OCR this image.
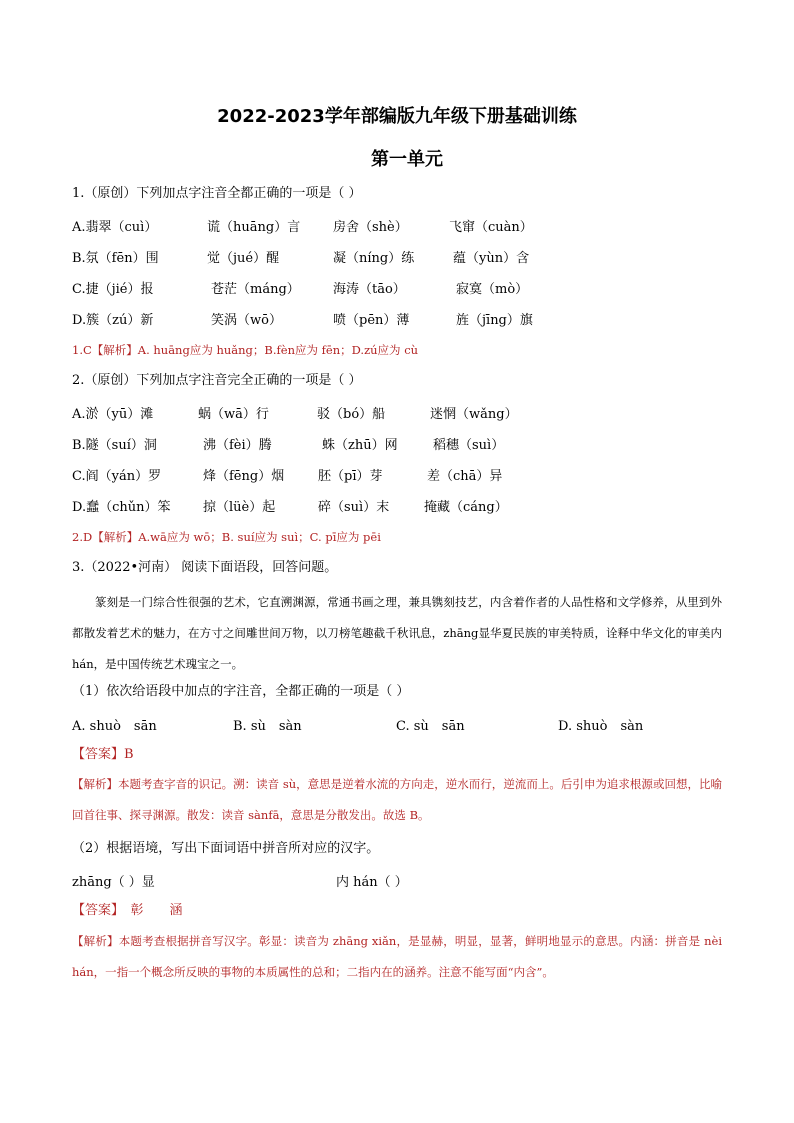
2022-2023学年部编版九年级下册基础训练
第一单元
1.（原创）下列加点字注音全都正确的一项是（ ）
A.翡翠（cuì）	谎（huāng）言	房舍（shè）	飞窜（cuàn）
B.氛（fēn）围	觉（jué）醒	凝（níng）练	蕴（yùn）含
C.捷（jié）报	苍茫（máng）	海涛（tāo）	寂寞（mò）
D.簇（zú）新	笑涡（wō）	喷（pēn）薄	旌（jīng）旗
1.C【解析】A. huāng应为 huǎng；B.fèn应为 fēn；D.zú应为 cù
2.（原创）下列加点字注音完全正确的一项是（ ）
A.淤（yū）滩	蜗（wā）行	驳（bó）船	迷惘（wǎng）
B.隧（suí）洞	沸（fèi）腾	蛛（zhū）网	稻穗（suì）
C.阎（yán）罗	烽（fēng）烟	胚（pī）芽	差（chā）异
D.蠢（chǔn）笨	掠（lüè）起	碎（suì）末	掩藏（cáng）
2.D【解析】A.wā应为 wō；B. suí应为 suì；C. pī应为 pēi
3.（2022•河南） 阅读下面语段，回答问题。
篆刻是一门综合性很强的艺术，它直溯渊源，常通书画之理，兼具镌刻技艺，内含着作者的人品性格和文学修养，从里到外都散发着艺术的魅力，在方寸之间雕世间万物，以刀榜笔趣截千秋讯息，zhāng显华夏民族的审美特质，诠释中华文化的审美内 hán，是中国传统艺术瑰宝之一。
（1）依次给语段中加点的字注音，全都正确的一项是（ ）
A. shuò　sān	B. sù　sàn	C. sù　sān	D. shuò　sàn
【答案】B
【解析】本题考查字音的识记。溯：读音 sù，意思是逆着水流的方向走，逆水而行，逆流而上。后引申为追求根源或回想，比喻回首往事、探寻渊源。散发：读音 sànfā，意思是分散发出。故选 B。
（2）根据语境，写出下面词语中拼音所对应的汉字。
zhāng（ ）显	内 hán（ ）
【答案】　彰　　涵
【解析】本题考查根据拼音写汉字。彰显：读音为 zhāng xiǎn，是显赫，明显，显著，鲜明地显示的意思。内涵：拼音是 nèi hán，一指一个概念所反映的事物的本质属性的总和；二指内在的涵养。注意不能写面“内含”。
